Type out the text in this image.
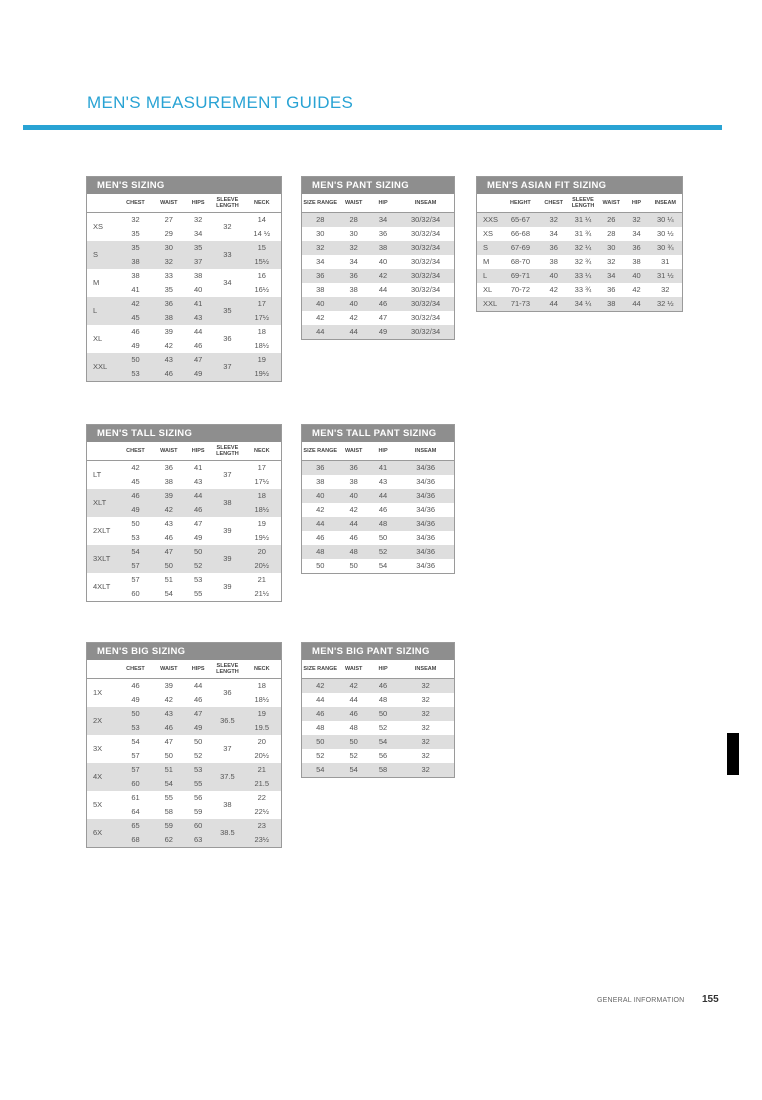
MEN'S MEASUREMENT GUIDES
MEN'S SIZING
	CHEST	WAIST	HIPS	SLEEVE LENGTH	NECK
XS	32	27	32	32	14
	35	29	34		14 ½
S	35	30	35	33	15
	38	32	37		15½
M	38	33	38	34	16
	41	35	40		16½
L	42	36	41	35	17
	45	38	43		17½
XL	46	39	44	36	18
	49	42	46		18½
XXL	50	43	47	37	19
	53	46	49		19½
MEN'S PANT SIZING
SIZE RANGE	WAIST	HIP	INSEAM
28	28	34	30/32/34
30	30	36	30/32/34
32	32	38	30/32/34
34	34	40	30/32/34
36	36	42	30/32/34
38	38	44	30/32/34
40	40	46	30/32/34
42	42	47	30/32/34
44	44	49	30/32/34
MEN'S ASIAN FIT SIZING
	HEIGHT	CHEST	SLEEVE LENGTH	WAIST	HIP	INSEAM
XXS	65-67	32	31 ¼	26	32	30 ¼
XS	66-68	34	31 ¾	28	34	30 ½
S	67-69	36	32 ¼	30	36	30 ¾
M	68-70	38	32 ¾	32	38	31
L	69-71	40	33 ¼	34	40	31 ½
XL	70-72	42	33 ¾	36	42	32
XXL	71-73	44	34 ¼	38	44	32 ½
MEN'S TALL SIZING
	CHEST	WAIST	HIPS	SLEEVE LENGTH	NECK
LT	42	36	41	37	17
	45	38	43		17½
XLT	46	39	44	38	18
	49	42	46		18½
2XLT	50	43	47	39	19
	53	46	49		19½
3XLT	54	47	50	39	20
	57	50	52		20½
4XLT	57	51	53	39	21
	60	54	55		21½
MEN'S TALL PANT SIZING
SIZE RANGE	WAIST	HIP	INSEAM
36	36	41	34/36
38	38	43	34/36
40	40	44	34/36
42	42	46	34/36
44	44	48	34/36
46	46	50	34/36
48	48	52	34/36
50	50	54	34/36
MEN'S BIG SIZING
	CHEST	WAIST	HIPS	SLEEVE LENGTH	NECK
1X	46	39	44	36	18
	49	42	46		18½
2X	50	43	47	36.5	19
	53	46	49		19.5
3X	54	47	50	37	20
	57	50	52		20½
4X	57	51	53	37.5	21
	60	54	55		21.5
5X	61	55	56	38	22
	64	58	59		22½
6X	65	59	60	38.5	23
	68	62	63		23½
MEN'S BIG PANT SIZING
SIZE RANGE	WAIST	HIP	INSEAM
42	42	46	32
44	44	48	32
46	46	50	32
48	48	52	32
50	50	54	32
52	52	56	32
54	54	58	32
GENERAL INFORMATION 155
